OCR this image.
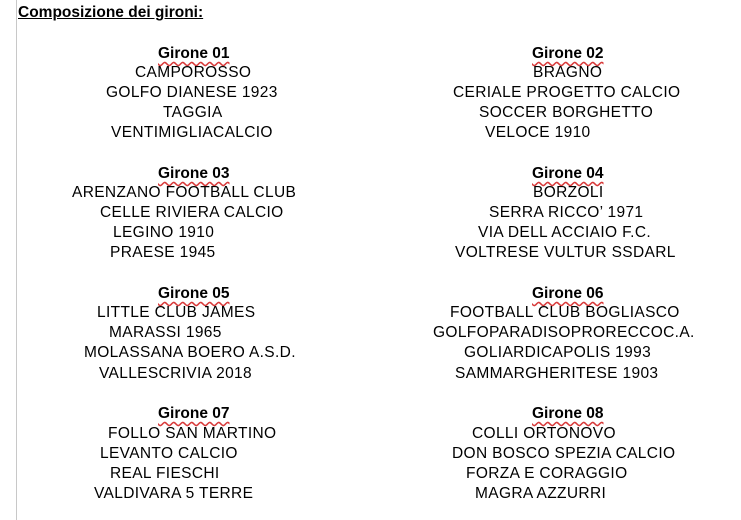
Composizione dei gironi:
Girone 01
CAMPOROSSO
GOLFO DIANESE 1923
TAGGIA
VENTIMIGLIACALCIO
Girone 02
BRAGNO
CERIALE PROGETTO CALCIO
SOCCER BORGHETTO
VELOCE 1910
Girone 03
ARENZANO FOOTBALL CLUB
CELLE RIVIERA CALCIO
LEGINO 1910
PRAESE 1945
Girone 04
BORZOLI
SERRA RICCO’ 1971
VIA DELL ACCIAIO F.C.
VOLTRESE VULTUR SSDARL
Girone 05
LITTLE CLUB JAMES
MARASSI 1965
MOLASSANA BOERO A.S.D.
VALLESCRIVIA 2018
Girone 06
FOOTBALL CLUB BOGLIASCO
GOLFOPARADISOPRORECCOC.A.
GOLIARDICAPOLIS 1993
SAMMARGHERITESE 1903
Girone 07
FOLLO SAN MARTINO
LEVANTO CALCIO
REAL FIESCHI
VALDIVARA 5 TERRE
Girone 08
COLLI ORTONOVO
DON BOSCO SPEZIA CALCIO
FORZA E CORAGGIO
MAGRA AZZURRI
